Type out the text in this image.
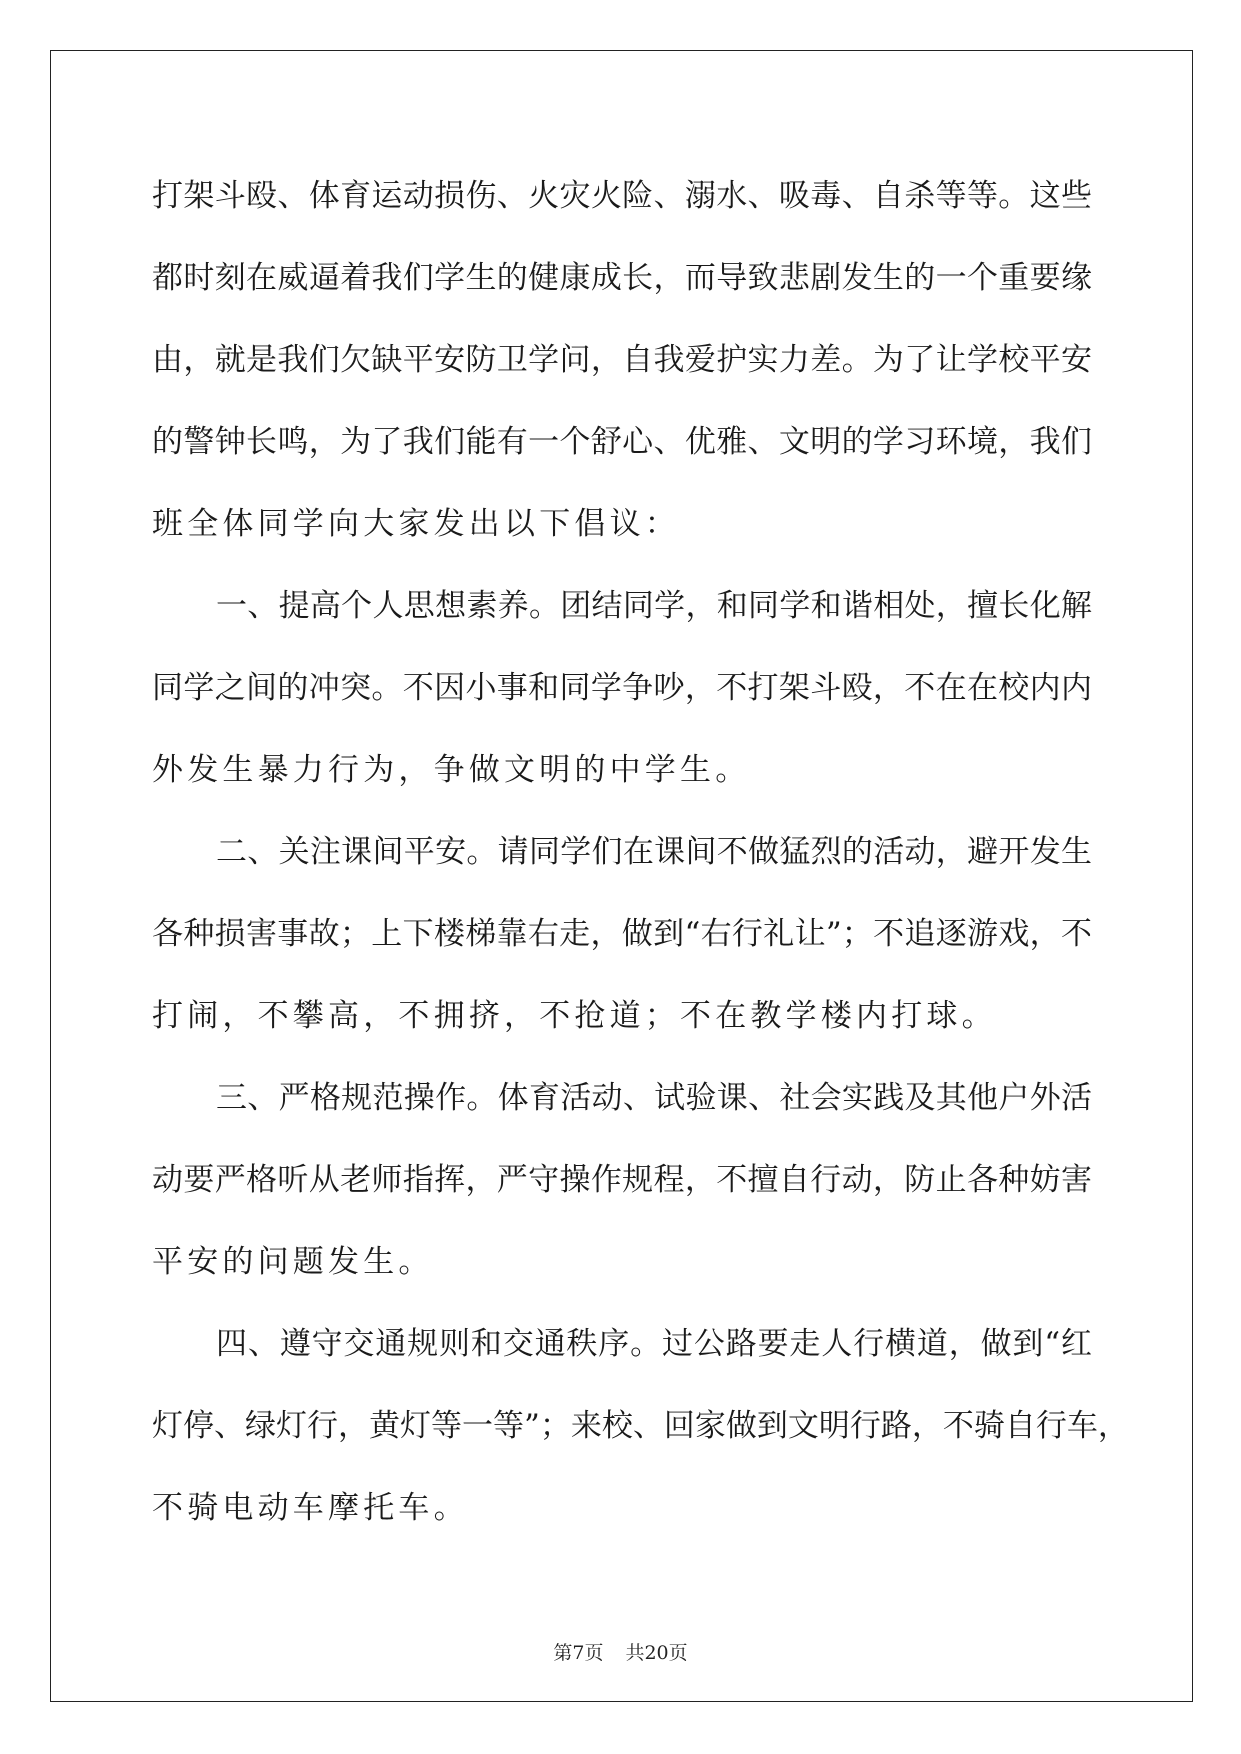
打架斗殴、体育运动损伤、火灾火险、溺水、吸毒、自杀等等。这些
都时刻在威逼着我们学生的健康成长，而导致悲剧发生的一个重要缘
由，就是我们欠缺平安防卫学问，自我爱护实力差。为了让学校平安
的警钟长鸣，为了我们能有一个舒心、优雅、文明的学习环境，我们
班全体同学向大家发出以下倡议：
一、提高个人思想素养。团结同学，和同学和谐相处，擅长化解
同学之间的冲突。不因小事和同学争吵，不打架斗殴，不在在校内内
外发生暴力行为，争做文明的中学生。
二、关注课间平安。请同学们在课间不做猛烈的活动，避开发生
各种损害事故；上下楼梯靠右走，做到“右行礼让”；不追逐游戏，不
打闹，不攀高，不拥挤，不抢道；不在教学楼内打球。
三、严格规范操作。体育活动、试验课、社会实践及其他户外活
动要严格听从老师指挥，严守操作规程，不擅自行动，防止各种妨害
平安的问题发生。
四、遵守交通规则和交通秩序。过公路要走人行横道，做到“红
灯停、绿灯行，黄灯等一等”；来校、回家做到文明行路，不骑自行车，
不骑电动车摩托车。
第7页 共20页
